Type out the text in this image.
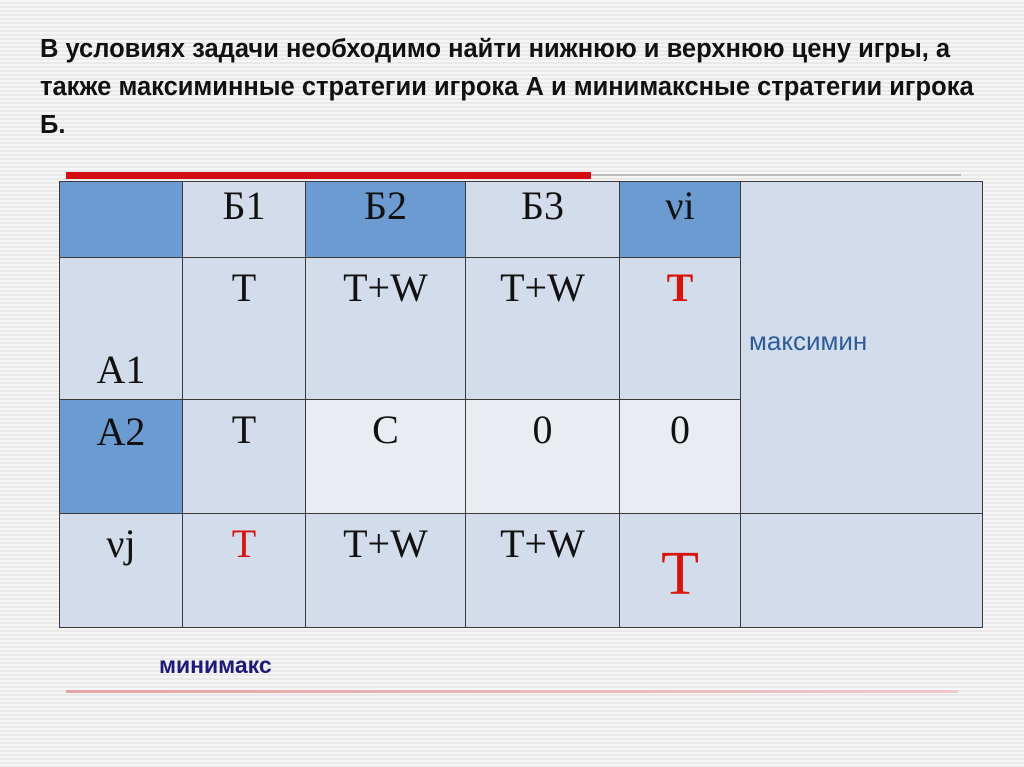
В условиях задачи необходимо найти нижнюю и верхнюю цену игры, а также максиминные стратегии игрока А и минимаксные стратегии игрока Б.
	Б1	Б2	Б3	νi	максимин

А1	T	T+W	T+W	T	

А2	T	C	0	0	
νj	T	T+W	T+W	T	
минимакс
